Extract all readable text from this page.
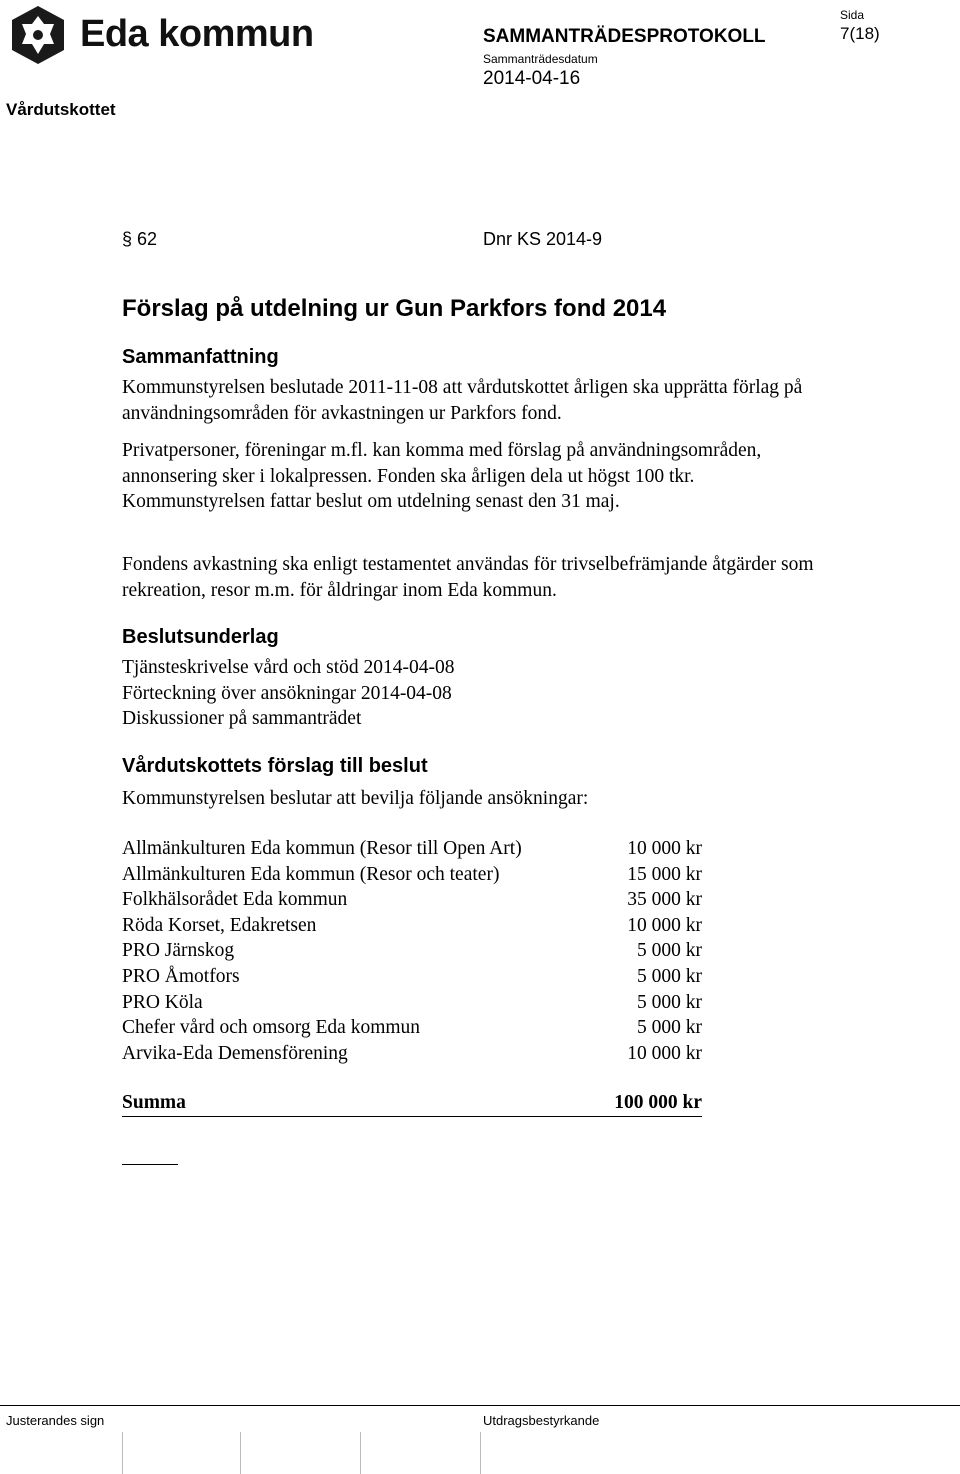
Eda kommun	SAMMANTRÄDESPROTOKOLL
Sammanträdesdatum
2014-04-16
Sida
7(18)
Vårdutskottet
§ 62	Dnr KS 2014-9
Förslag på utdelning ur Gun Parkfors fond 2014
Sammanfattning
Kommunstyrelsen beslutade 2011-11-08 att vårdutskottet årligen ska upprätta förlag på användningsområden för avkastningen ur Parkfors fond.
Privatpersoner, föreningar m.fl. kan komma med förslag på användningsområden, annonsering sker i lokalpressen. Fonden ska årligen dela ut högst 100 tkr. Kommunstyrelsen fattar beslut om utdelning senast den 31 maj.
Fondens avkastning ska enligt testamentet användas för trivselbefrämjande åtgärder som rekreation, resor m.m. för åldringar inom Eda kommun.
Beslutsunderlag
Tjänsteskrivelse vård och stöd 2014-04-08
Förteckning över ansökningar 2014-04-08
Diskussioner på sammanträdet
Vårdutskottets förslag till beslut
Kommunstyrelsen beslutar att bevilja följande ansökningar:
Allmänkulturen Eda kommun (Resor till Open Art)	10 000 kr
Allmänkulturen Eda kommun (Resor och teater)	15 000 kr
Folkhälsorådet Eda kommun	35 000 kr
Röda Korset, Edakretsen	10 000 kr
PRO Järnskog	5 000 kr
PRO Åmotfors	5 000 kr
PRO Köla	5 000 kr
Chefer vård och omsorg Eda kommun	5 000 kr
Arvika-Eda Demensförening	10 000 kr
Summa	100 000 kr
Justerandes sign	Utdragsbestyrkande
